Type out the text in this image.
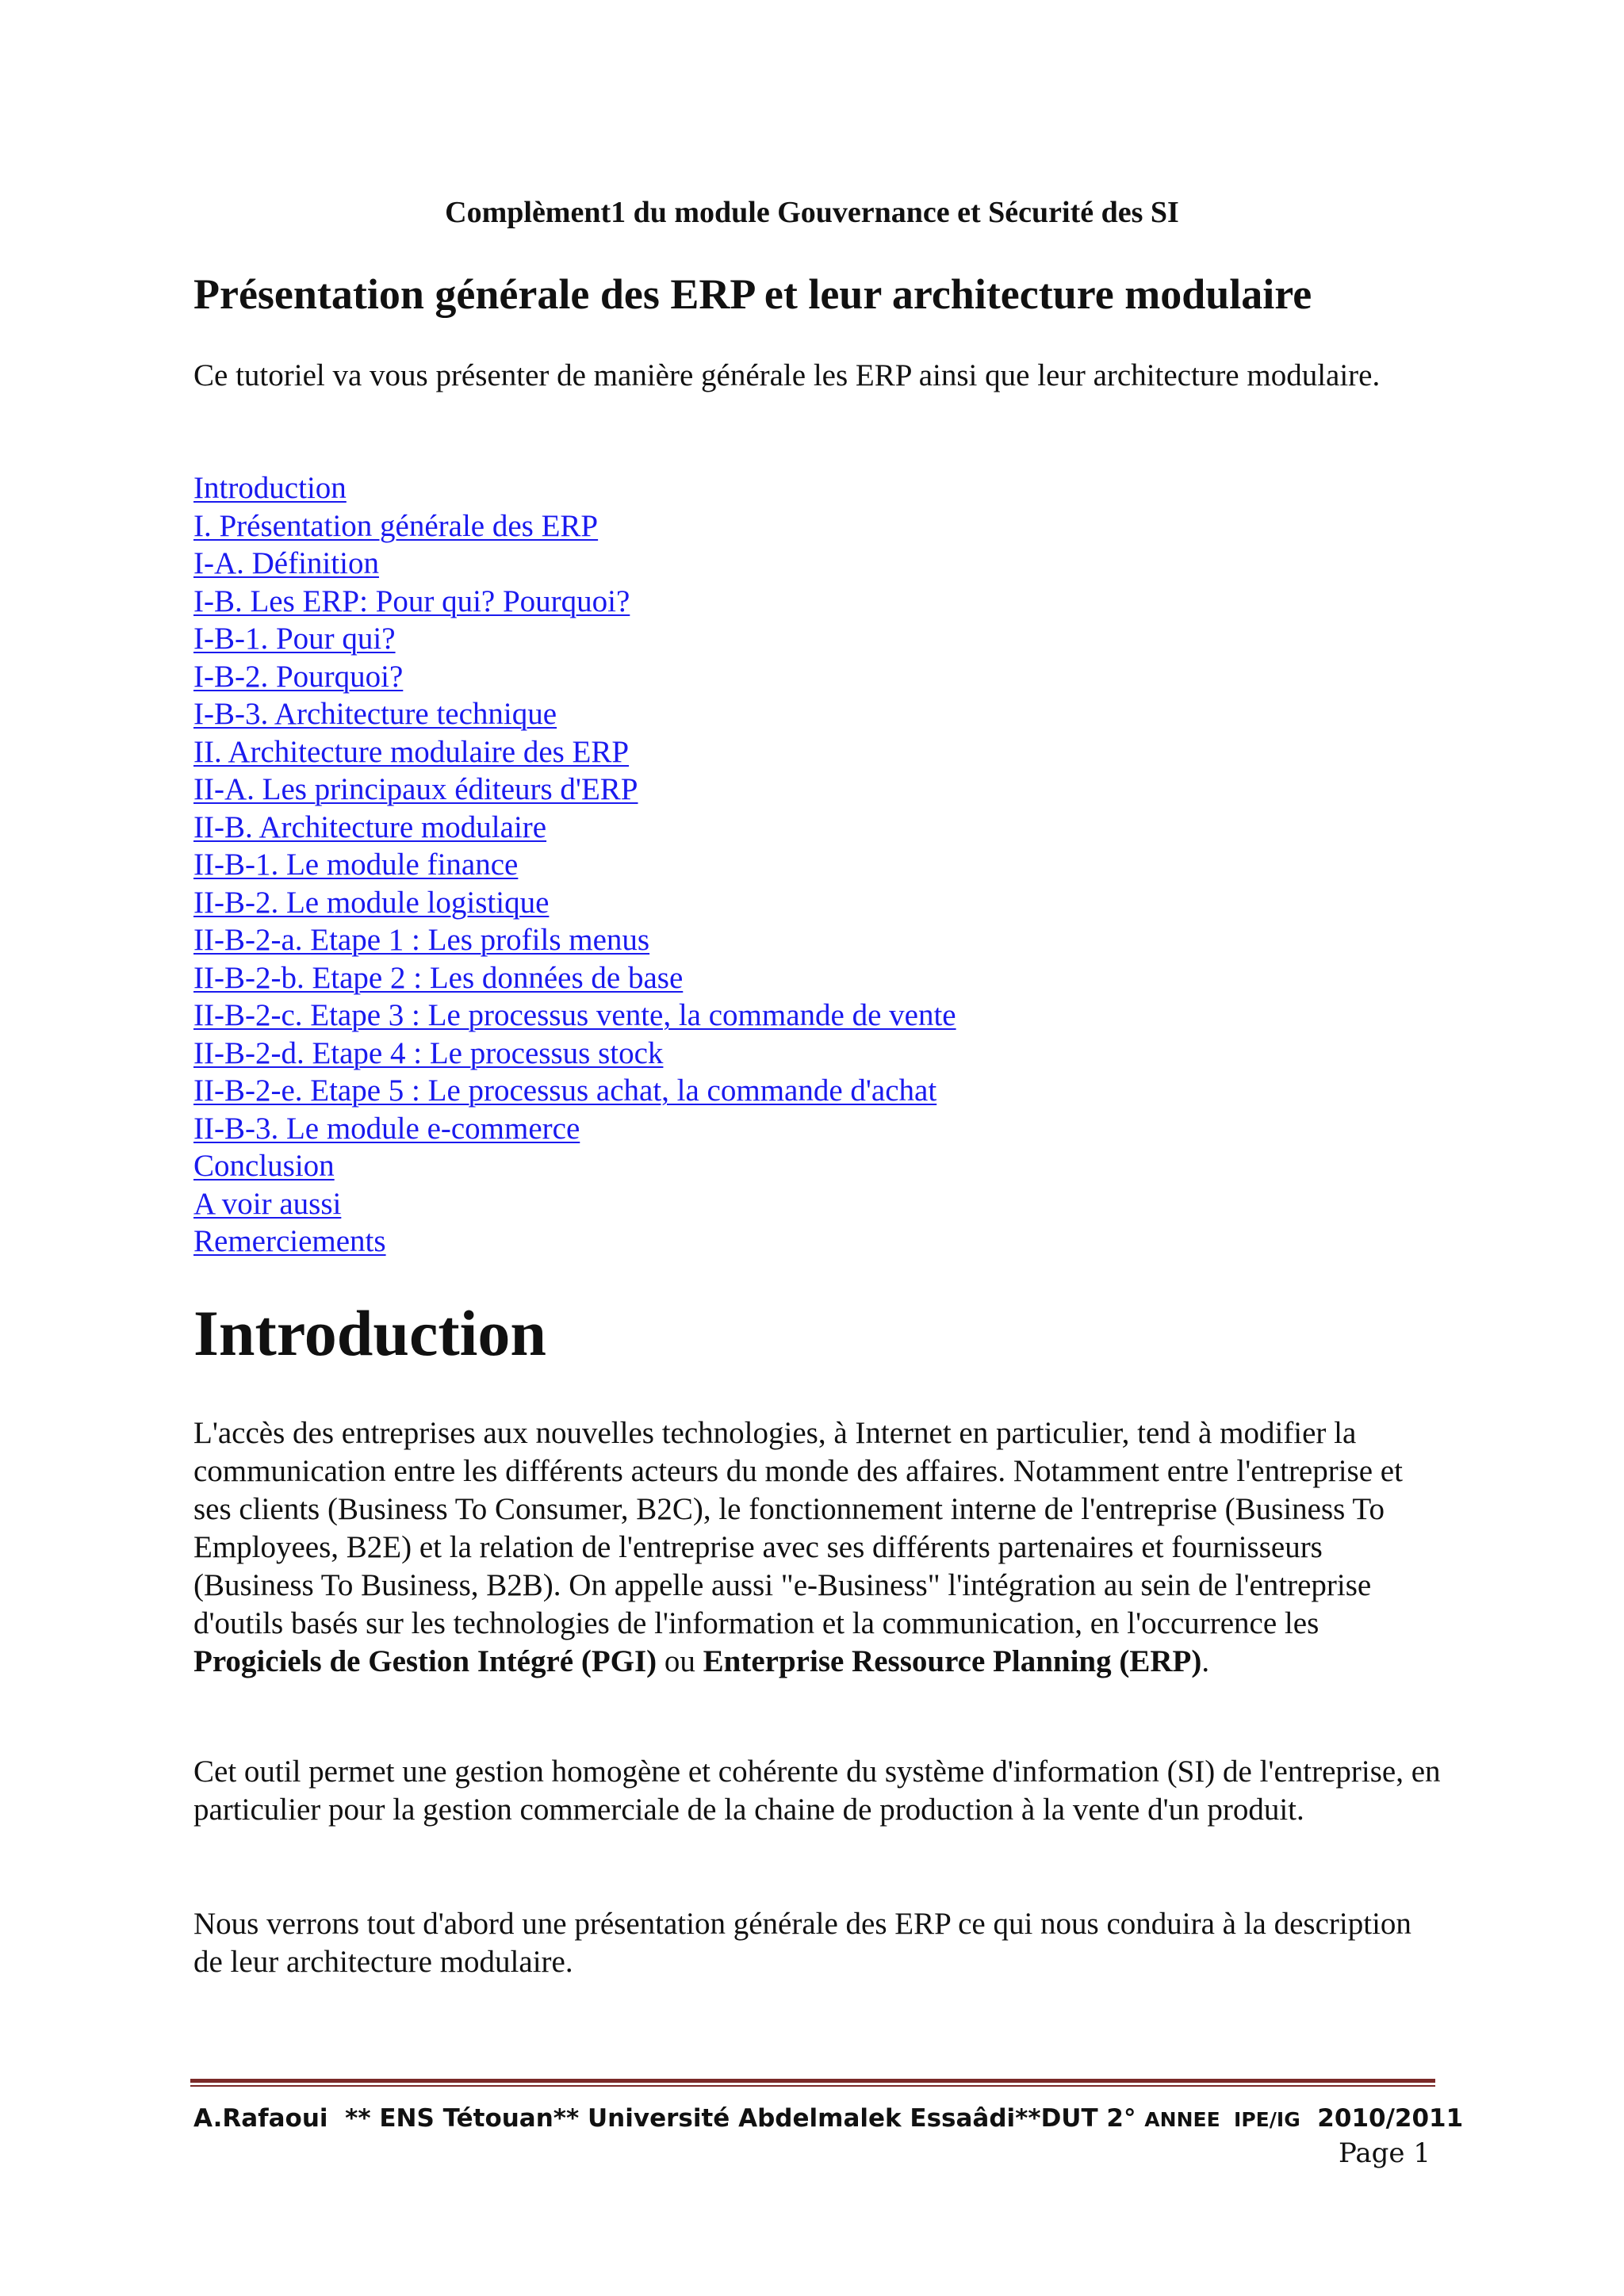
Complèment1 du module Gouvernance et Sécurité des SI
Présentation générale des ERP et leur architecture modulaire

Ce tutoriel va vous présenter de manière générale les ERP ainsi que leur architecture modulaire.

Introduction
I. Présentation générale des ERP
I-A. Définition
I-B. Les ERP: Pour qui? Pourquoi?
I-B-1. Pour qui?
I-B-2. Pourquoi?
I-B-3. Architecture technique
II. Architecture modulaire des ERP
II-A. Les principaux éditeurs d'ERP
II-B. Architecture modulaire
II-B-1. Le module finance
II-B-2. Le module logistique
II-B-2-a. Etape 1 : Les profils menus
II-B-2-b. Etape 2 : Les données de base
II-B-2-c. Etape 3 : Le processus vente, la commande de vente
II-B-2-d. Etape 4 : Le processus stock
II-B-2-e. Etape 5 : Le processus achat, la commande d'achat
II-B-3. Le module e-commerce
Conclusion
A voir aussi
Remerciements
Introduction

L'accès des entreprises aux nouvelles technologies, à Internet en particulier, tend à modifier la communication entre les différents acteurs du monde des affaires. Notamment entre l'entreprise et ses clients (Business To Consumer, B2C), le fonctionnement interne de l'entreprise (Business To Employees, B2E) et la relation de l'entreprise avec ses différents partenaires et fournisseurs (Business To Business, B2B). On appelle aussi "e-Business" l'intégration au sein de l'entreprise d'outils basés sur les technologies de l'information et la communication, en l'occurrence les Progiciels de Gestion Intégré (PGI) ou Enterprise Ressource Planning (ERP).

Cet outil permet une gestion homogène et cohérente du système d'information (SI) de l'entreprise, en particulier pour la gestion commerciale de la chaine de production à la vente d'un produit.

Nous verrons tout d'abord une présentation générale des ERP ce qui nous conduira à la description de leur architecture modulaire.

A.Rafaoui  ** ENS Tétouan** Université Abdelmalek Essaâdi**DUT 2° ANNEE  IPE/IG  2010/2011
Page 1
